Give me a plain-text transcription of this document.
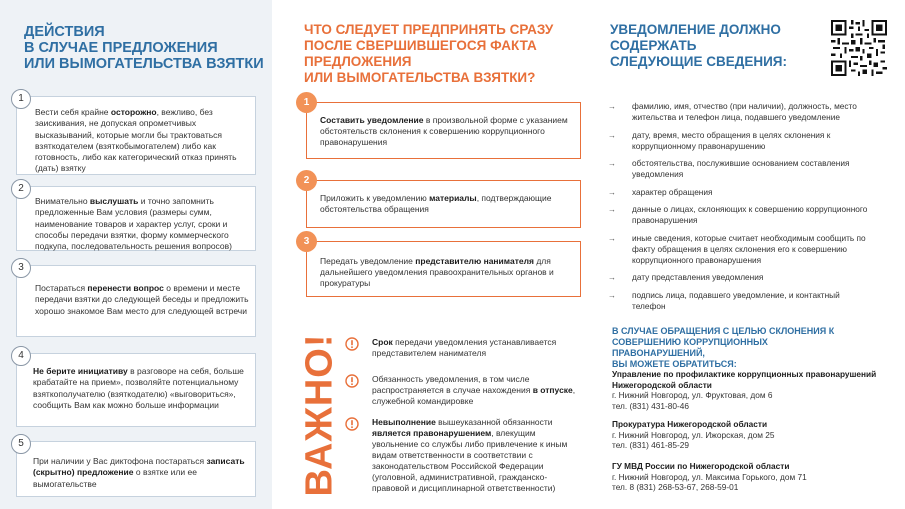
ДЕЙСТВИЯ
В СЛУЧАЕ ПРЕДЛОЖЕНИЯ
ИЛИ ВЫМОГАТЕЛЬСТВА ВЗЯТКИ
1
Вести себя крайне осторожно, вежливо, без заискивания, не допуская опрометчивых высказываний, которые могли бы трактоваться взяткодателем (взяткобымогателем) либо как готовность, либо как категорический отказ принять (дать) взятку
2
Внимательно выслушать и точно запомнить предложенные Вам условия (размеры сумм, наименование товаров и характер услуг, сроки и способы передачи взятки, форму коммерческого подкупа, последовательность решения вопросов)
3
Постараться перенести вопрос о времени и месте передачи взятки до следующей беседы и предложить хорошо знакомое Вам место для следующей встречи
4
Не берите инициативу в разговоре на себя, больше крабатайте на прием», позволяйте потенциальному взяткополучателю (взяткодателю) «выговориться», сообщить Вам как можно больше информации
5
При наличии у Вас диктофона постараться записать (скрытно) предложение о взятке или ее вымогательстве
ЧТО СЛЕДУЕТ ПРЕДПРИНЯТЬ СРАЗУ
ПОСЛЕ СВЕРШИВШЕГОСЯ ФАКТА
ПРЕДЛОЖЕНИЯ
ИЛИ ВЫМОГАТЕЛЬСТВА ВЗЯТКИ?
1
Составить уведомление в произвольной форме с указанием обстоятельств склонения к совершению коррупционного правонарушения
2
Приложить к уведомлению материалы, подтверждающие обстоятельства обращения
3
Передать уведомление представителю нанимателя для дальнейшего уведомления правоохранительных органов и прокуратуры
ВАЖНО!	Срок передачи уведомления устанавливается представителем нанимателя
Обязанность уведомления, в том числе распространяется в случае нахождения в отпуске, служебной командировке
Невыполнение вышеуказанной обязанности является правонарушением, влекущим увольнение со службы либо привлечение к иным видам ответственности в соответствии с законодательством Российской Федерации (уголовной, административной, гражданско-правовой и дисциплинарной ответственности)
УВЕДОМЛЕНИЕ ДОЛЖНО
СОДЕРЖАТЬ
СЛЕДУЮЩИЕ СВЕДЕНИЯ:
→ фамилию, имя, отчество (при наличии), должность, место жительства и телефон лица, подавшего уведомление
→ дату, время, место обращения в целях склонения к коррупционному правонарушению
→ обстоятельства, послужившие основанием составления уведомления
→ характер обращения
→ данные о лицах, склоняющих к совершению коррупционного правонарушения
→ иные сведения, которые считает необходимым сообщить по факту обращения в целях склонения его к совершению коррупционного правонарушения
→ дату представления уведомления
→ подпись лица, подавшего уведомление, и контактный телефон
В СЛУЧАЕ ОБРАЩЕНИЯ С ЦЕЛЬЮ СКЛОНЕНИЯ К
СОВЕРШЕНИЮ КОРРУПЦИОННЫХ ПРАВОНАРУШЕНИЙ,
ВЫ МОЖЕТЕ ОБРАТИТЬСЯ:
Управление по профилактике коррупционных правонарушений Нижегородской области
г. Нижний Новгород, ул. Фруктовая, дом 6
тел. (831) 431-80-46
Прокуратура Нижегородской области
г. Нижний Новгород, ул. Ижорская, дом 25
тел. (831) 461-85-29
ГУ МВД России по Нижегородской области
г. Нижний Новгород, ул. Максима Горького, дом 71
тел. 8 (831) 268-53-67, 268-59-01
